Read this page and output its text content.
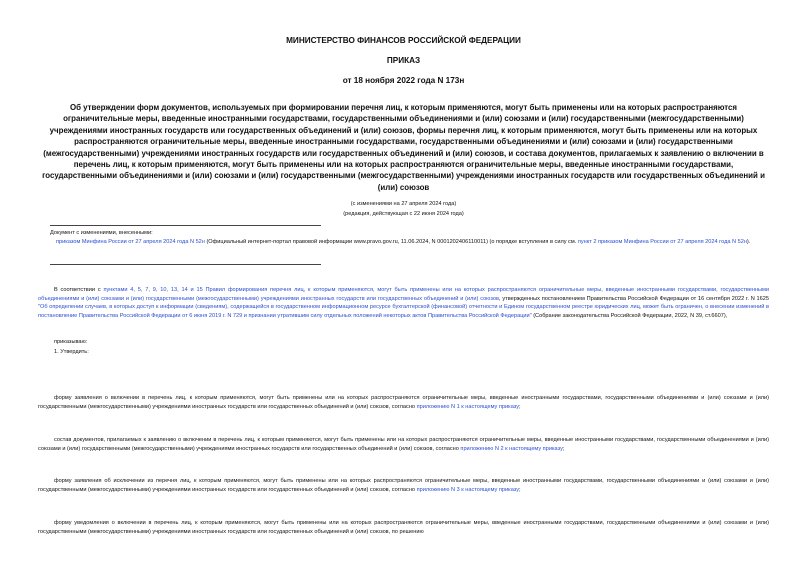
МИНИСТЕРСТВО ФИНАНСОВ РОССИЙСКОЙ ФЕДЕРАЦИИ
ПРИКАЗ
от 18 ноября 2022 года N 173н
Об утверждении форм документов, используемых при формировании перечня лиц, к которым применяются, могут быть применены или на которых распространяются ограничительные меры, введенные иностранными государствами, государственными объединениями и (или) союзами и (или) государственными (межгосударственными) учреждениями иностранных государств или государственных объединений и (или) союзов, формы перечня лиц, к которым применяются, могут быть применены или на которых распространяются ограничительные меры, введенные иностранными государствами, государственными объединениями и (или) союзами и (или) государственными (межгосударственными) учреждениями иностранных государств или государственных объединений и (или) союзов, и состава документов, прилагаемых к заявлению о включении в перечень лиц, к которым применяются, могут быть применены или на которых распространяются ограничительные меры, введенные иностранными государствами, государственными объединениями и (или) союзами и (или) государственными (межгосударственными) учреждениями иностранных государств или государственных объединений и (или) союзов
(с изменениями на 27 апреля 2024 года)
(редакция, действующая с 22 июня 2024 года)
Документ с изменениями, внесенными:
приказом Минфина России от 27 апреля 2024 года N 52н (Официальный интернет-портал правовой информации www.pravo.gov.ru, 11.06.2024, N 0001202406110011) (о порядке вступления в силу см. пункт 2 приказом Минфина России от 27 апреля 2024 года N 52н).
В соответствии с пунктами 4, 5, 7, 9, 10, 13, 14 и 15 Правил формирования перечня лиц, к которым применяются, могут быть применены или на которых распространяются ограничительные меры, введенные иностранными государствами, государственными объединениями и (или) союзами и (или) государственными (межгосударственными) учреждениями иностранных государств или государственных объединений и (или) союзов, утвержденных постановлением Правительства Российской Федерации от 16 сентября 2022 г. N 1625 "Об определении случаев, в которых доступ к информации (сведениям), содержащейся в государственном информационном ресурсе бухгалтерской (финансовой) отчетности и Едином государственном реестре юридических лиц, может быть ограничен, о внесении изменений в постановление Правительства Российской Федерации от 6 июня 2019 г. N 729 и признании утратившим силу отдельных положений некоторых актов Правительства Российской Федерации" (Собрание законодательства Российской Федерации, 2022, N 39, ст.6607),
приказываю:
1. Утвердить:
форму заявления о включении в перечень лиц, к которым применяются, могут быть применены или на которых распространяются ограничительные меры, введенные иностранными государствами, государственными объединениями и (или) союзами и (или) государственными (межгосударственными) учреждениями иностранных государств или государственных объединений и (или) союзов, согласно приложению N 1 к настоящему приказу;
состав документов, прилагаемых к заявлению о включении в перечень лиц, к которым применяются, могут быть применены или на которых распространяются ограничительные меры, введенные иностранными государствами, государственными объединениями и (или) союзами и (или) государственными (межгосударственными) учреждениями иностранных государств или государственных объединений и (или) союзов, согласно приложению N 2 к настоящему приказу;
форму заявления об исключении из перечня лиц, к которым применяются, могут быть применены или на которых распространяются ограничительные меры, введенные иностранными государствами, государственными объединениями и (или) союзами и (или) государственными (межгосударственными) учреждениями иностранных государств или государственных объединений и (или) союзов, согласно приложению N 3 к настоящему приказу;
форму уведомления о включении в перечень лиц, к которым применяются, могут быть применены или на которых распространяются ограничительные меры, введенные иностранными государствами, государственными объединениями и (или) союзами и (или) государственными (межгосударственными) учреждениями иностранных государств или государственных объединений и (или) союзов, по решению
